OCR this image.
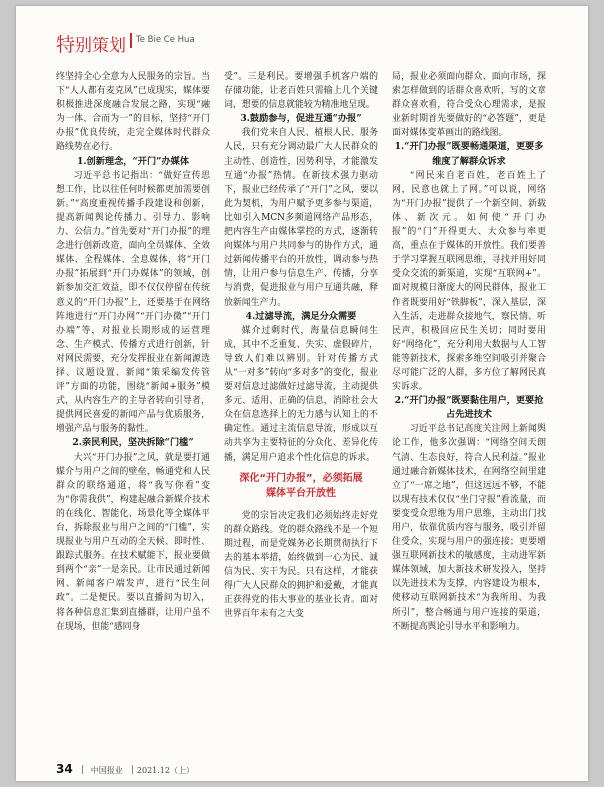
特别策划 Te Bie Ce Hua

终坚持全心全意为人民服务的宗旨。当下“人人都有麦克风”已成现实，媒体要积极推进深度融合发展之路，实现“融为一体、合而为一”的目标，坚持“开门办报”优良传统，走完全媒体时代群众路线势在必行。

1.创新理念，“开门”办媒体

习近平总书记指出：“做好宣传思想工作，比以往任何时候都更加需要创新。”“高度重视传播手段建设和创新，提高新闻舆论传播力、引导力、影响力、公信力。”首先要对“开门办报”的理念进行创新改造，面向全员媒体、全效媒体、全程媒体、全息媒体，将“开门办报”拓展到“开门办媒体”的领域，创新参加交汇效益，即不仅仅停留在传统意义的“开门办报”上，还要基于在网络阵地进行“开门办网”“开门办微”“开门办端”等，对报业长期形成的运营理念、生产模式、传播方式进行创新，针对网民需要，充分发挥报业在新闻源选择、议题设置、新闻“策采编发传管评”方面的功能，围绕“新闻+服务”模式，从内容生产的主导者转向引导者，提供网民喜爱的新闻产品与优质服务，增强产品与服务的黏性。

2.亲民利民，坚决拆除“门槛”

大兴“开门办报”之风，就是要打通媒介与用户之间的壁垒，畅通党和人民群众的联络通道，将“我写你看”变为“你需我供”，构建起融合新媒介技术的在线化、智能化、场景化等全媒体平台，拆除报业与用户之间的“门槛”，实现报业与用户互动的全天候、即时性、跟踪式服务。在技术赋能下，报业要做到两个“亲”一是亲民。让市民通过新闻网、新闻客户端发声，进行“民生问政”。二是便民。要以直播间为切入，将各种信息汇集到直播群，让用户虽不在现场，但能“感同身

受”。三是利民。要增强手机客户端的存储功能，让老百姓只需输上几个关键词，想要的信息就能较为精准地呈现。

3.鼓励参与，促进互通“办报”

我们党来自人民、植根人民、服务人民，只有充分调动最广大人民群众的主动性、创造性，因势利导，才能激发互通“办报”热情。在新技术强力驱动下，报业已经传承了“开门”之风，要以此为契机，为用户赋予更多参与渠道，比如引入MCN多频道网络产品形态，把内容生产由媒体掌控的方式，逐渐转向媒体与用户共同参与的协作方式，通过新闻传播平台的开放性，调动参与热情，让用户参与信息生产、传播，分享与消费，促进报业与用户互通共融，释放新闻生产力。

4.过滤导流，满足分众需要

媒介过剩时代，海量信息瞬间生成，其中不乏重复、失实、虚假碎片，导致人们难以辨别。针对传播方式从“一对多”转向“多对多”的变化，报业要对信息过滤做好过滤导流，主动提供多元、适用、正确的信息，消除社会大众在信息选择上的无力感与认知上的不确定性。通过主流信息导流，形成以互动共享为主要特征的分众化、差异化传播，满足用户追求个性化信息的诉求。

深化“开门办报”，必须拓展
媒体平台开放性

党的宗旨决定我们必须始终走好党的群众路线。党的群众路线不是一个短期过程，而是党媒务必长期贯彻执行下去的基本举措，始终做到一心为民、诚信为民、实干为民。只有这样，才能获得广大人民群众的拥护和爱戴，才能真正获得党的伟大事业的基业长青。面对世界百年未有之大变

局，报业必须面向群众、面向市场，探索怎样做到的话群众喜欢听，写的文章群众喜欢看，符合受众心理需求，是报业新时期首先要做好的“必答题”，更是面对媒体变革画出的路线图。

1.“开门办报”既要畅通渠道，更要多维度了解群众诉求

“网民来自老百姓，老百姓上了网，民意也就上了网。”可以说，网络为“开门办报”提供了一个新空间、新载体、新次元。如何使“开门办报”的“门”开得更大、大众参与率更高，重点在于媒体的开放性。我们要善于学习掌握互联网思维，寻找并用好同受众交流的新渠道，实现“互联网+”。面对规模日渐庞大的网民群体，报业工作者既要用好“铁脚板”，深入基层，深入生活，走进群众接地气，察民情、听民声，积极回应民生关切；同时要用好“网络化”，充分利用大数据与人工智能等新技术，探索多维空间吸引并聚合尽可能广泛的人群，多方位了解网民真实诉求。

2.“开门办报”既要黏住用户，更要抢占先进技术

习近平总书记高度关注网上新闻舆论工作，他多次强调：“网络空间天朗气清、生态良好，符合人民利益。”报业通过融合新媒体技术，在网络空间里建立了“一席之地”，但这远远不够，不能以现有技术仅仅“坐门守报”看流量，而要变受众思维为用户思维，主动出门找用户，依靠优质内容与服务，吸引并留住受众，实现与用户的强连接；更要增强互联网新技术的敏感度，主动进军新媒体领域，加大新技术研发投入，坚持以先进技术为支撑，内容建设为根本，使移动互联网新技术“为我所用、为我所引”，整合畅通与用户连接的渠道，不断提高舆论引导水平和影响力。

34 中国报业 2021.12（上）
